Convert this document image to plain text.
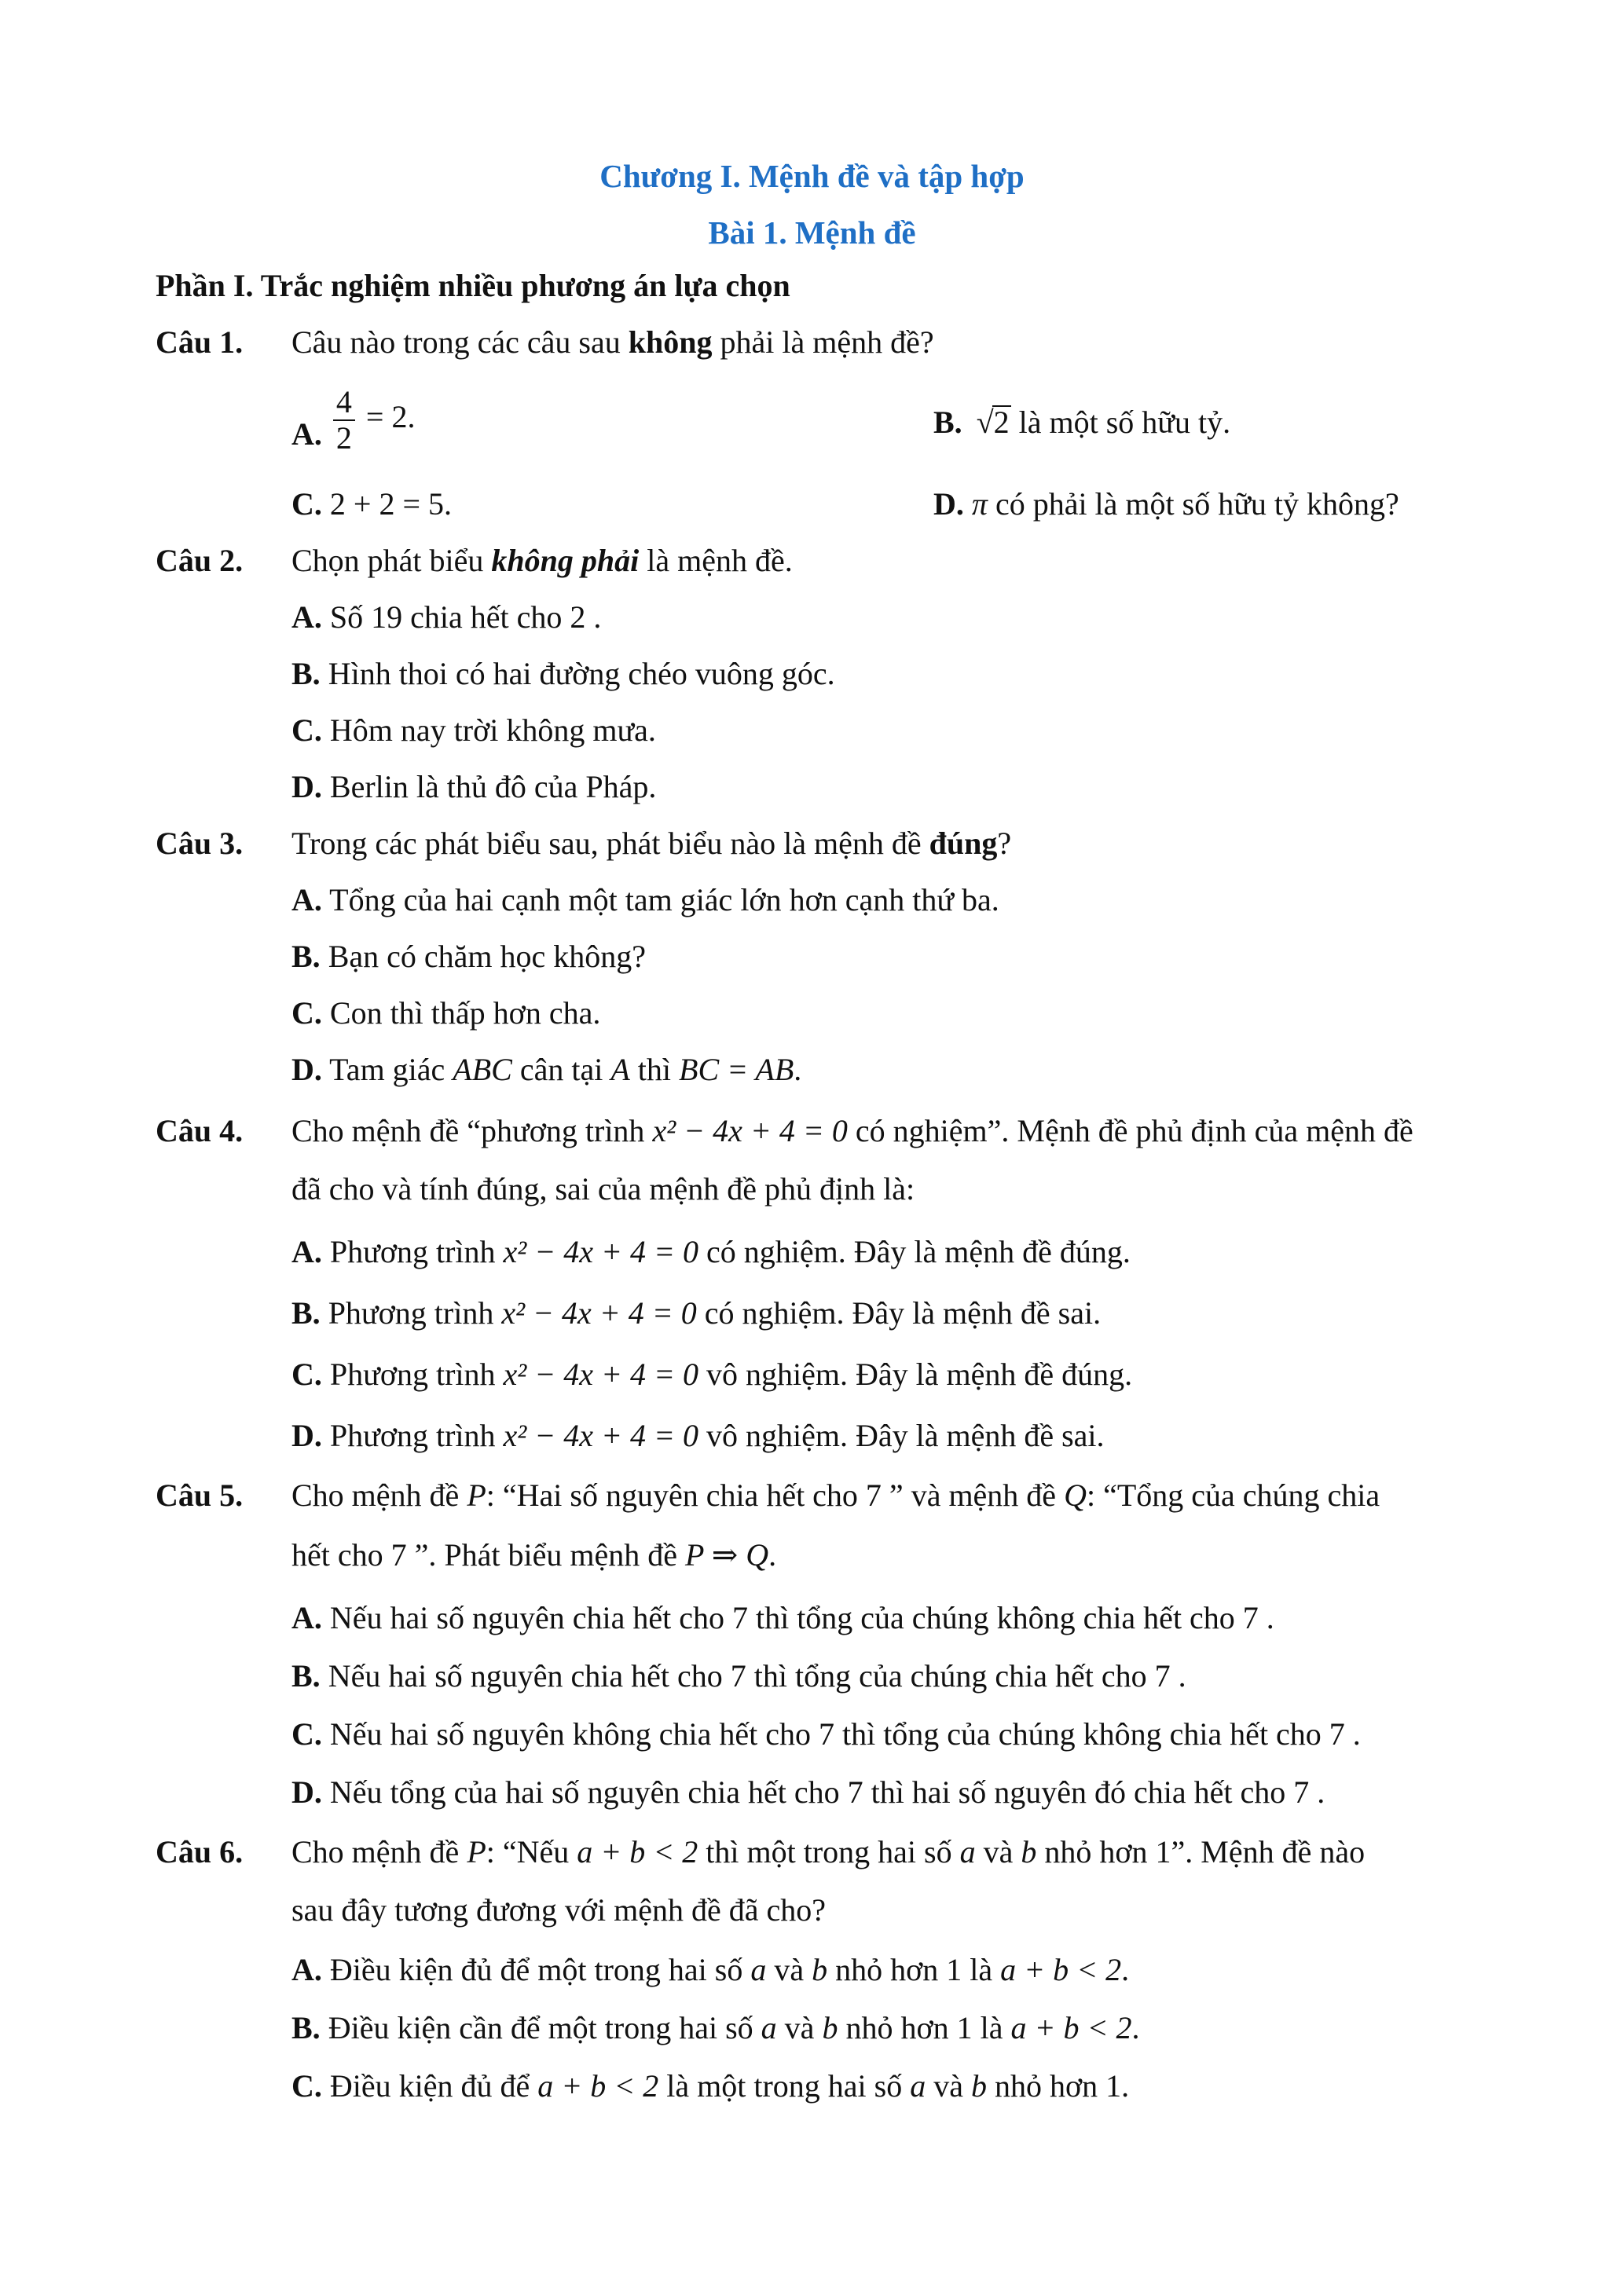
Chương I. Mệnh đề và tập hợp
Bài 1. Mệnh đề
Phần I. Trắc nghiệm nhiều phương án lựa chọn
Câu 1. Câu nào trong các câu sau không phải là mệnh đề?
A. $\frac{4}{2} = 2$.	B. √2 là một số hữu tỷ.
C. 2 + 2 = 5.	D. π có phải là một số hữu tỷ không?
Câu 2. Chọn phát biểu không phải là mệnh đề.
A. Số 19 chia hết cho 2 .
B. Hình thoi có hai đường chéo vuông góc.
C. Hôm nay trời không mưa.
D. Berlin là thủ đô của Pháp.
Câu 3. Trong các phát biểu sau, phát biểu nào là mệnh đề đúng?
A. Tổng của hai cạnh một tam giác lớn hơn cạnh thứ ba.
B. Bạn có chăm học không?
C. Con thì thấp hơn cha.
D. Tam giác ABC cân tại A thì BC = AB.
Câu 4. Cho mệnh đề “phương trình x² − 4x + 4 = 0 có nghiệm”. Mệnh đề phủ định của mệnh đề
đã cho và tính đúng, sai của mệnh đề phủ định là:
A. Phương trình x² − 4x + 4 = 0 có nghiệm. Đây là mệnh đề đúng.
B. Phương trình x² − 4x + 4 = 0 có nghiệm. Đây là mệnh đề sai.
C. Phương trình x² − 4x + 4 = 0 vô nghiệm. Đây là mệnh đề đúng.
D. Phương trình x² − 4x + 4 = 0 vô nghiệm. Đây là mệnh đề sai.
Câu 5. Cho mệnh đề P: “Hai số nguyên chia hết cho 7 ” và mệnh đề Q: “Tổng của chúng chia
hết cho 7 ”. Phát biểu mệnh đề P ⇒ Q.
A. Nếu hai số nguyên chia hết cho 7 thì tổng của chúng không chia hết cho 7 .
B. Nếu hai số nguyên chia hết cho 7 thì tổng của chúng chia hết cho 7 .
C. Nếu hai số nguyên không chia hết cho 7 thì tổng của chúng không chia hết cho 7 .
D. Nếu tổng của hai số nguyên chia hết cho 7 thì hai số nguyên đó chia hết cho 7 .
Câu 6. Cho mệnh đề P: “Nếu a + b < 2 thì một trong hai số a và b nhỏ hơn 1”. Mệnh đề nào
sau đây tương đương với mệnh đề đã cho?
A. Điều kiện đủ để một trong hai số a và b nhỏ hơn 1 là a + b < 2.
B. Điều kiện cần để một trong hai số a và b nhỏ hơn 1 là a + b < 2.
C. Điều kiện đủ để a + b < 2 là một trong hai số a và b nhỏ hơn 1.
